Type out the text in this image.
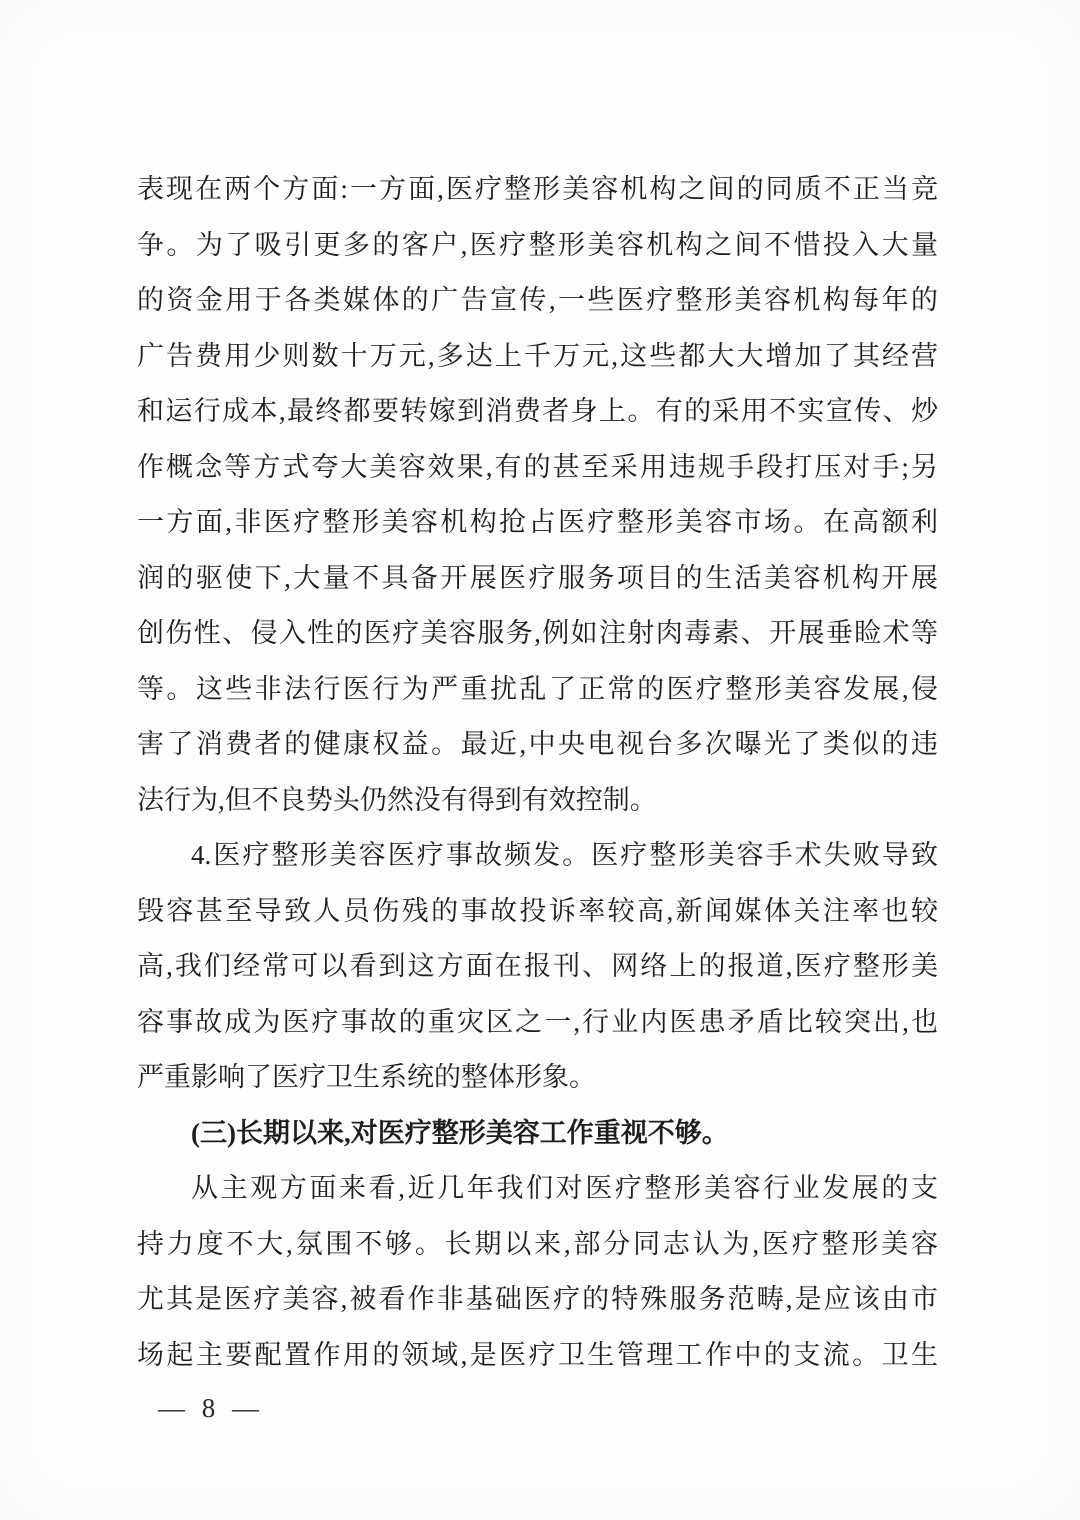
表现在两个方面:一方面,医疗整形美容机构之间的同质不正当竞
争。为了吸引更多的客户,医疗整形美容机构之间不惜投入大量
的资金用于各类媒体的广告宣传,一些医疗整形美容机构每年的
广告费用少则数十万元,多达上千万元,这些都大大增加了其经营
和运行成本,最终都要转嫁到消费者身上。有的采用不实宣传、炒
作概念等方式夸大美容效果,有的甚至采用违规手段打压对手;另
一方面,非医疗整形美容机构抢占医疗整形美容市场。在高额利
润的驱使下,大量不具备开展医疗服务项目的生活美容机构开展
创伤性、侵入性的医疗美容服务,例如注射肉毒素、开展垂睑术等
等。这些非法行医行为严重扰乱了正常的医疗整形美容发展,侵
害了消费者的健康权益。最近,中央电视台多次曝光了类似的违
法行为,但不良势头仍然没有得到有效控制。
4.医疗整形美容医疗事故频发。医疗整形美容手术失败导致
毁容甚至导致人员伤残的事故投诉率较高,新闻媒体关注率也较
高,我们经常可以看到这方面在报刊、网络上的报道,医疗整形美
容事故成为医疗事故的重灾区之一,行业内医患矛盾比较突出,也
严重影响了医疗卫生系统的整体形象。
(三)长期以来,对医疗整形美容工作重视不够。
从主观方面来看,近几年我们对医疗整形美容行业发展的支
持力度不大,氛围不够。长期以来,部分同志认为,医疗整形美容
尤其是医疗美容,被看作非基础医疗的特殊服务范畴,是应该由市
场起主要配置作用的领域,是医疗卫生管理工作中的支流。卫生
— 8 —
